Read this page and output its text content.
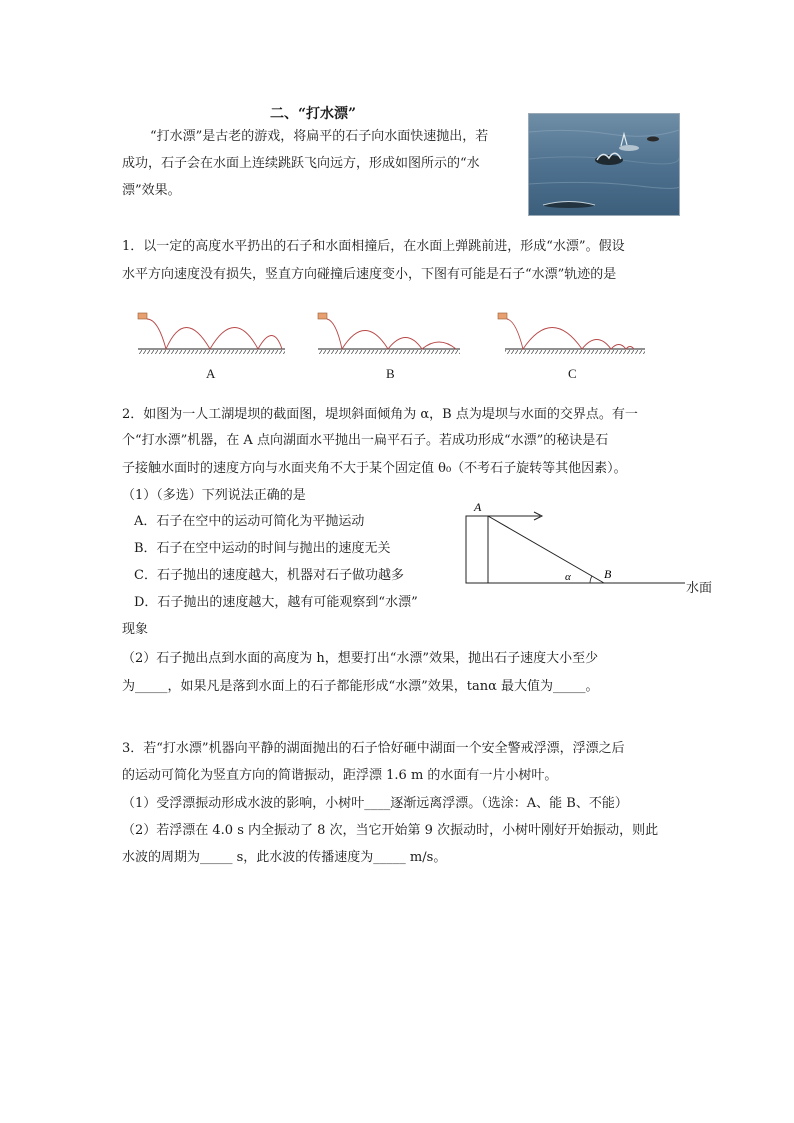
二、“打水漂”
“打水漂”是古老的游戏，将扁平的石子向水面快速抛出，若
成功，石子会在水面上连续跳跃飞向远方，形成如图所示的“水
漂”效果。
1．以一定的高度水平扔出的石子和水面相撞后，在水面上弹跳前进，形成“水漂”。假设
水平方向速度没有损失，竖直方向碰撞后速度变小，下图有可能是石子“水漂”轨迹的是
A	B	C
2．如图为一人工湖堤坝的截面图，堤坝斜面倾角为 α，B 点为堤坝与水面的交界点。有一
个“打水漂”机器，在 A 点向湖面水平抛出一扁平石子。若成功形成“水漂”的秘诀是石
子接触水面时的速度方向与水面夹角不大于某个固定值 θ₀（不考石子旋转等其他因素）。
（1）（多选）下列说法正确的是
A．石子在空中的运动可简化为平抛运动
B．石子在空中运动的时间与抛出的速度无关
C．石子抛出的速度越大，机器对石子做功越多
D．石子抛出的速度越大，越有可能观察到“水漂”
现象
A
B
α
水面
（2）石子抛出点到水面的高度为 h，想要打出“水漂”效果，抛出石子速度大小至少
为_____，如果凡是落到水面上的石子都能形成“水漂”效果，tanα 最大值为_____。
3．若“打水漂”机器向平静的湖面抛出的石子恰好砸中湖面一个安全警戒浮漂，浮漂之后
的运动可简化为竖直方向的简谐振动，距浮漂 1.6 m 的水面有一片小树叶。
（1）受浮漂振动形成水波的影响，小树叶____逐渐远离浮漂。（选涂：A、能 B、不能）
（2）若浮漂在 4.0 s 内全振动了 8 次，当它开始第 9 次振动时，小树叶刚好开始振动，则此
水波的周期为_____ s，此水波的传播速度为_____ m/s。
